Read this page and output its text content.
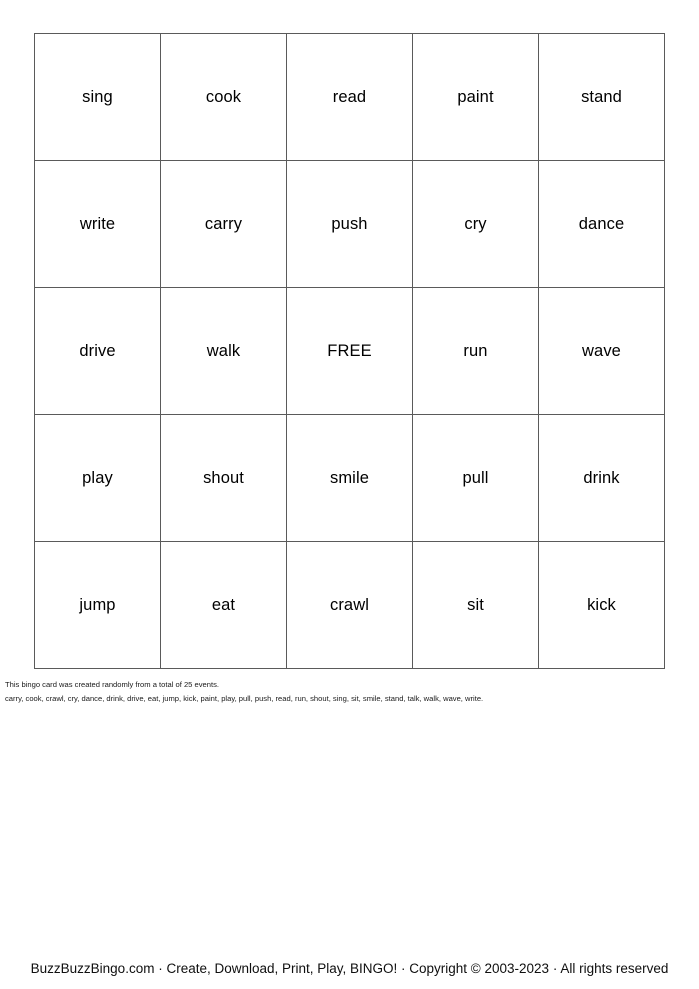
sing	cook	read	paint	stand
write	carry	push	cry	dance
drive	walk	FREE	run	wave
play	shout	smile	pull	drink
jump	eat	crawl	sit	kick
This bingo card was created randomly from a total of 25 events.
carry, cook, crawl, cry, dance, drink, drive, eat, jump, kick, paint, play, pull, push, read, run, shout, sing, sit, smile, stand, talk, walk, wave, write.
BuzzBuzzBingo.com · Create, Download, Print, Play, BINGO! · Copyright © 2003-2023 · All rights reserved
